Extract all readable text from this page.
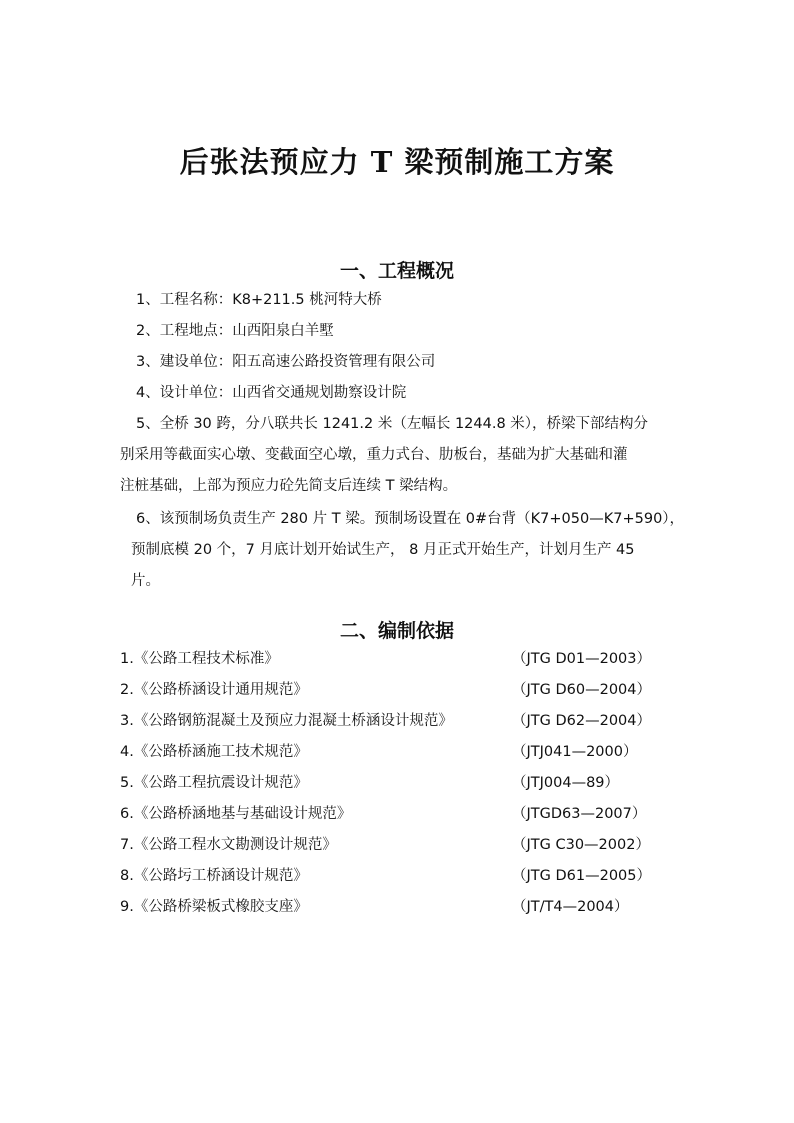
后张法预应力 T 梁预制施工方案
一、工程概况
1、工程名称：K8+211.5 桃河特大桥
2、工程地点：山西阳泉白羊墅
3、建设单位：阳五高速公路投资管理有限公司
4、设计单位：山西省交通规划勘察设计院
5、全桥 30 跨，分八联共长 1241.2 米（左幅长 1244.8 米），桥梁下部结构分
别采用等截面实心墩、变截面空心墩，重力式台、肋板台，基础为扩大基础和灌
注桩基础，上部为预应力砼先简支后连续 T 梁结构。
6、该预制场负责生产 280 片 T 梁。预制场设置在 0#台背（K7+050—K7+590），
预制底模 20 个，7 月底计划开始试生产， 8 月正式开始生产，计划月生产 45
片。
二、编制依据
1.《公路工程技术标准》	（JTG D01—2003）
2.《公路桥涵设计通用规范》	（JTG D60—2004）
3.《公路钢筋混凝土及预应力混凝土桥涵设计规范》	（JTG D62—2004）
4.《公路桥涵施工技术规范》	（JTJ041—2000）
5.《公路工程抗震设计规范》	（JTJ004—89）
6.《公路桥涵地基与基础设计规范》	（JTGD63—2007）
7.《公路工程水文勘测设计规范》	（JTG C30—2002）
8.《公路圬工桥涵设计规范》	（JTG D61—2005）
9.《公路桥梁板式橡胶支座》	（JT/T4—2004）
